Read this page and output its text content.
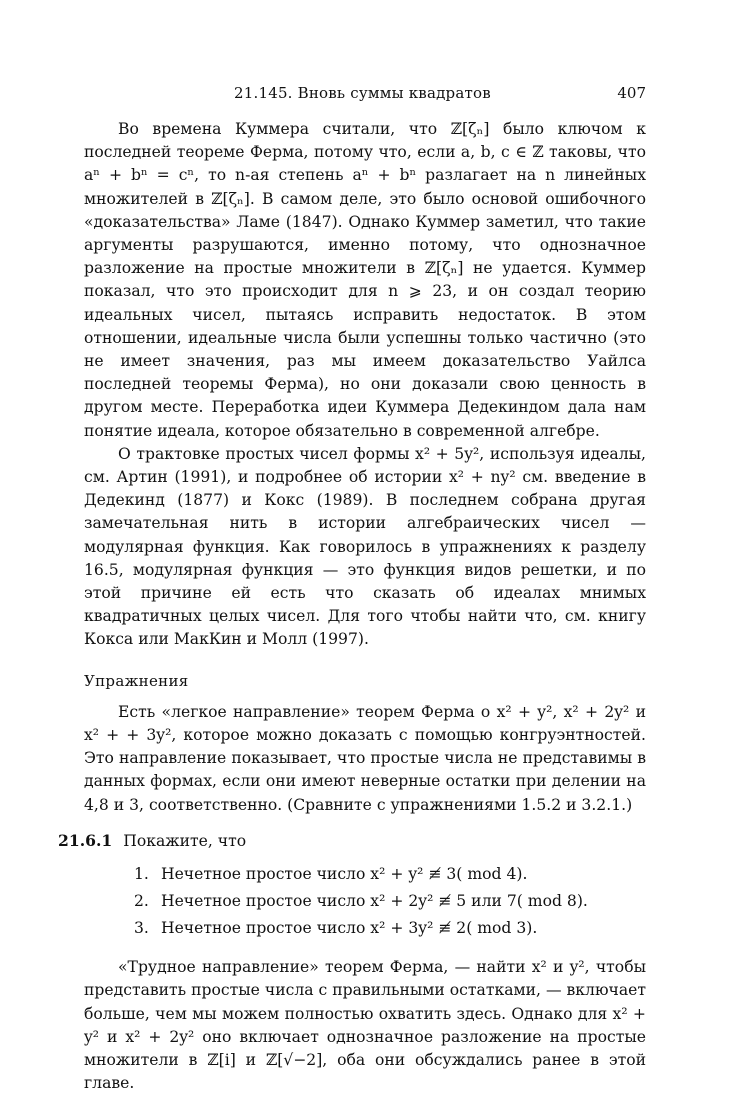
21.145. Вновь суммы квадратов	407

Во времена Куммера считали, что ℤ[ζₙ] было ключом к последней теореме Ферма, потому что, если a, b, c ∈ ℤ таковы, что aⁿ + bⁿ = cⁿ, то n-ая степень aⁿ + bⁿ разлагает на n линейных множителей в ℤ[ζₙ]. В самом деле, это было основой ошибочного «доказательства» Ламе (1847). Однако Куммер заметил, что такие аргументы разрушаются, именно потому, что однозначное разложение на простые множители в ℤ[ζₙ] не удается. Куммер показал, что это происходит для n ⩾ 23, и он создал теорию идеальных чисел, пытаясь исправить недостаток. В этом отношении, идеальные числа были успешны только частично (это не имеет значения, раз мы имеем доказательство Уайлса последней теоремы Ферма), но они доказали свою ценность в другом месте. Переработка идеи Куммера Дедекиндом дала нам понятие идеала, которое обязательно в современной алгебре.

О трактовке простых чисел формы x² + 5y², используя идеалы, см. Артин (1991), и подробнее об истории x² + ny² см. введение в Дедекинд (1877) и Кокс (1989). В последнем собрана другая замечательная нить в истории алгебраических чисел — модулярная функция. Как говорилось в упражнениях к разделу 16.5, модулярная функция — это функция видов решетки, и по этой причине ей есть что сказать об идеалах мнимых квадратичных целых чисел. Для того чтобы найти что, см. книгу Кокса или МакКин и Молл (1997).

Упражнения

Есть «легкое направление» теорем Ферма о x² + y², x² + 2y² и x² + + 3y², которое можно доказать с помощью конгруэнтностей. Это направление показывает, что простые числа не представимы в данных формах, если они имеют неверные остатки при делении на 4,8 и 3, соответственно. (Сравните с упражнениями 1.5.2 и 3.2.1.)

21.6.1 Покажите, что
1. Нечетное простое число x² + y² ≢ 3( mod 4).
2. Нечетное простое число x² + 2y² ≢ 5 или 7( mod 8).
3. Нечетное простое число x² + 3y² ≢ 2( mod 3).

«Трудное направление» теорем Ферма, — найти x² и y², чтобы представить простые числа с правильными остатками, — включает больше, чем мы можем полностью охватить здесь. Однако для x² + y² и x² + 2y² оно включает однозначное разложение на простые множители в ℤ[i] и ℤ[√−2], оба они обсуждались ранее в этой главе.
